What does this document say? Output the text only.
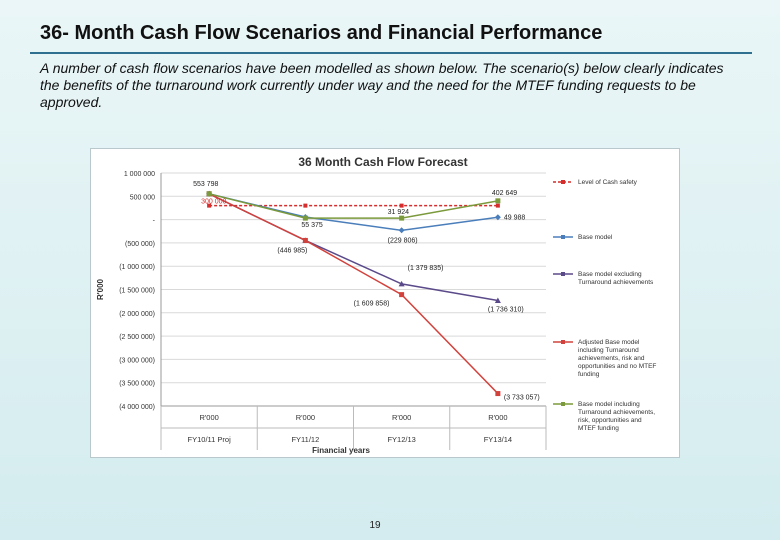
36- Month Cash Flow Scenarios and Financial Performance
A number of cash flow scenarios have been modelled as shown below. The scenario(s) below clearly indicates the benefits of the turnaround work currently under way and the need for the MTEF funding requests to be approved.
36 Month Cash Flow Forecast
1 000 000
500 000
-
(500 000)
(1 000 000)
(1 500 000)
(2 000 000)
(2 500 000)
(3 000 000)
(3 500 000)
(4 000 000)
R'000
FY10/11 Proj
R'000
FY11/12
R'000
FY12/13
R'000
FY13/14
Financial years
R'000
553 798
300 000
55 375
(446 985)
31 924
(229 806)
(1 379 835)
(1 609 858)
402 649
49 988
(1 736 310)
(3 733 057)
Level of Cash safety
Base model
Base model excluding Turnaround achievements
Adjusted Base model including Turnaround achievements, risk and opportunities and no MTEF funding
Base model including Turnaround achievements, risk, opportunities and MTEF funding
19
